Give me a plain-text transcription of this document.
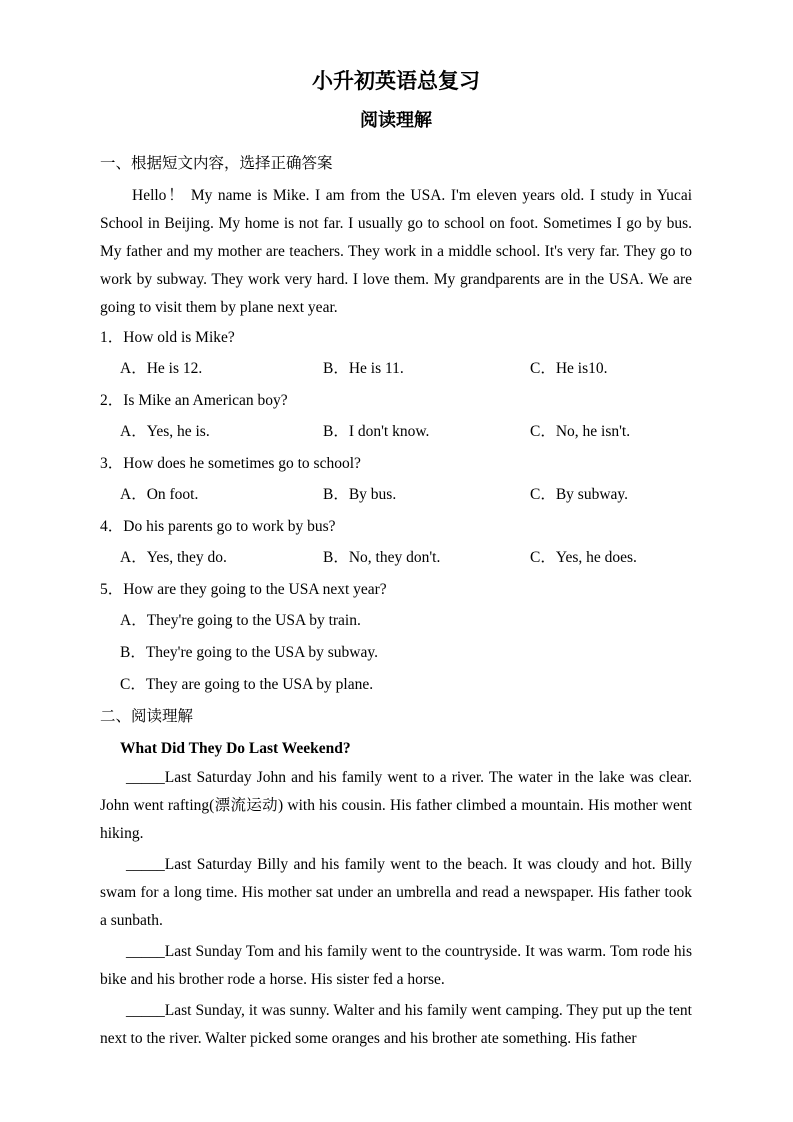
小升初英语总复习
阅读理解
一、根据短文内容，选择正确答案

Hello！ My name is Mike. I am from the USA. I'm eleven years old. I study in Yucai School in Beijing. My home is not far. I usually go to school on foot. Sometimes I go by bus. My father and my mother are teachers. They work in a middle school. It's very far. They go to work by subway. They work very hard. I love them. My grandparents are in the USA. We are going to visit them by plane next year.

1．How old is Mike?
A．He is 12.	B．He is 11.	C．He is10.
2．Is Mike an American boy?
A．Yes, he is.	B．I don't know.	C．No, he isn't.
3．How does he sometimes go to school?
A．On foot.	B．By bus.	C．By subway.
4．Do his parents go to work by bus?
A．Yes, they do.	B．No, they don't.	C．Yes, he does.
5．How are they going to the USA next year?
A．They're going to the USA by train.
B．They're going to the USA by subway.
C．They are going to the USA by plane.
二、阅读理解
What Did They Do Last Weekend?

_____Last Saturday John and his family went to a river. The water in the lake was clear. John went rafting(漂流运动) with his cousin. His father climbed a mountain. His mother went hiking.

_____Last Saturday Billy and his family went to the beach. It was cloudy and hot. Billy swam for a long time. His mother sat under an umbrella and read a newspaper. His father took a sunbath.

_____Last Sunday Tom and his family went to the countryside. It was warm. Tom rode his bike and his brother rode a horse. His sister fed a horse.

_____Last Sunday, it was sunny. Walter and his family went camping. They put up the tent next to the river. Walter picked some oranges and his brother ate something. His father
